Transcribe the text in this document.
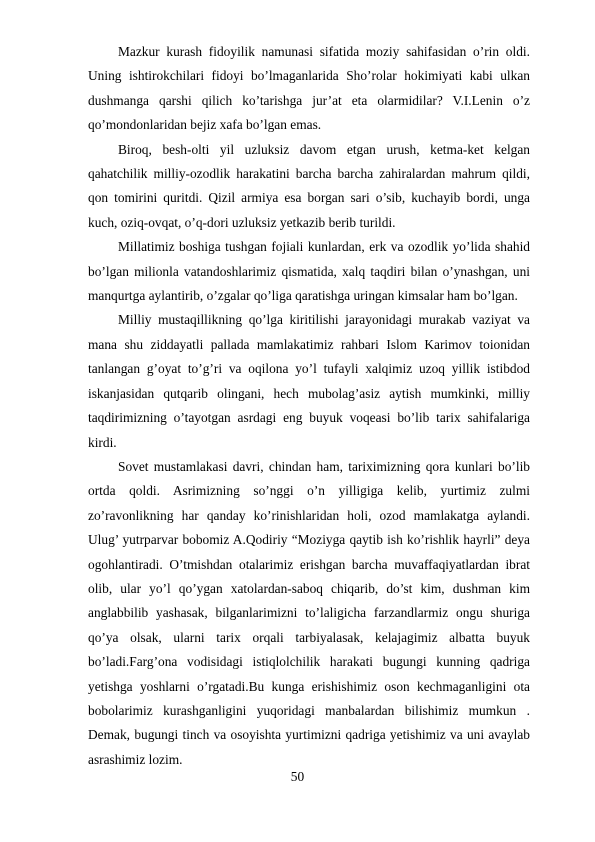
Mazkur kurash fidoyilik namunasi sifatida moziy sahifasidan o’rin oldi. Uning ishtirokchilari fidoyi bo’lmaganlarida Sho’rolar hokimiyati kabi ulkan dushmanga qarshi qilich ko’tarishga jur’at eta olarmidilar? V.I.Lenin o’z qo’mondonlaridan bejiz xafa bo’lgan emas.

Biroq, besh-olti yil uzluksiz davom etgan urush, ketma-ket kelgan qahatchilik milliy-ozodlik harakatini barcha barcha zahiralardan mahrum qildi, qon tomirini quritdi. Qizil armiya esa borgan sari o’sib, kuchayib bordi, unga kuch, oziq-ovqat, o’q-dori uzluksiz yetkazib berib turildi.

Millatimiz boshiga tushgan fojiali kunlardan, erk va ozodlik yo’lida shahid bo’lgan milionla vatandoshlarimiz qismatida, xalq taqdiri bilan o’ynashgan, uni manqurtga aylantirib, o’zgalar qo’liga qaratishga uringan kimsalar ham bo’lgan.

Milliy mustaqillikning qo’lga kiritilishi jarayonidagi murakab vaziyat va mana shu ziddayatli pallada mamlakatimiz rahbari Islom Karimov toionidan tanlangan g’oyat to’g’ri va oqilona yo’l tufayli xalqimiz uzoq yillik istibdod iskanjasidan qutqarib olingani, hech mubolag’asiz aytish mumkinki, milliy taqdirimizning o’tayotgan asrdagi eng buyuk voqeasi bo’lib tarix sahifalariga kirdi.

Sovet mustamlakasi davri, chindan ham, tariximizning qora kunlari bo’lib ortda qoldi. Asrimizning so’nggi o’n yilligiga kelib, yurtimiz zulmi zo’ravonlikning har qanday ko’rinishlaridan holi, ozod mamlakatga aylandi. Ulug’ yutrparvar bobomiz A.Qodiriy “Moziyga qaytib ish ko’rishlik hayrli” deya ogohlantiradi. O’tmishdan otalarimiz erishgan barcha muvaffaqiyatlardan ibrat olib, ular yo’l qo’ygan xatolardan-saboq chiqarib, do’st kim, dushman kim anglabbilib yashasak, bilganlarimizni to’laligicha farzandlarmiz ongu shuriga qo’ya olsak, ularni tarix orqali tarbiyalasak, kelajagimiz albatta buyuk bo’ladi.Farg’ona vodisidagi istiqlolchilik harakati bugungi kunning qadriga yetishga yoshlarni o’rgatadi.Bu kunga erishishimiz oson kechmaganligini ota bobolarimiz kurashganligini yuqoridagi manbalardan bilishimiz mumkun . Demak, bugungi tinch va osoyishta yurtimizni qadriga yetishimiz va uni avaylab asrashimiz lozim.

50
